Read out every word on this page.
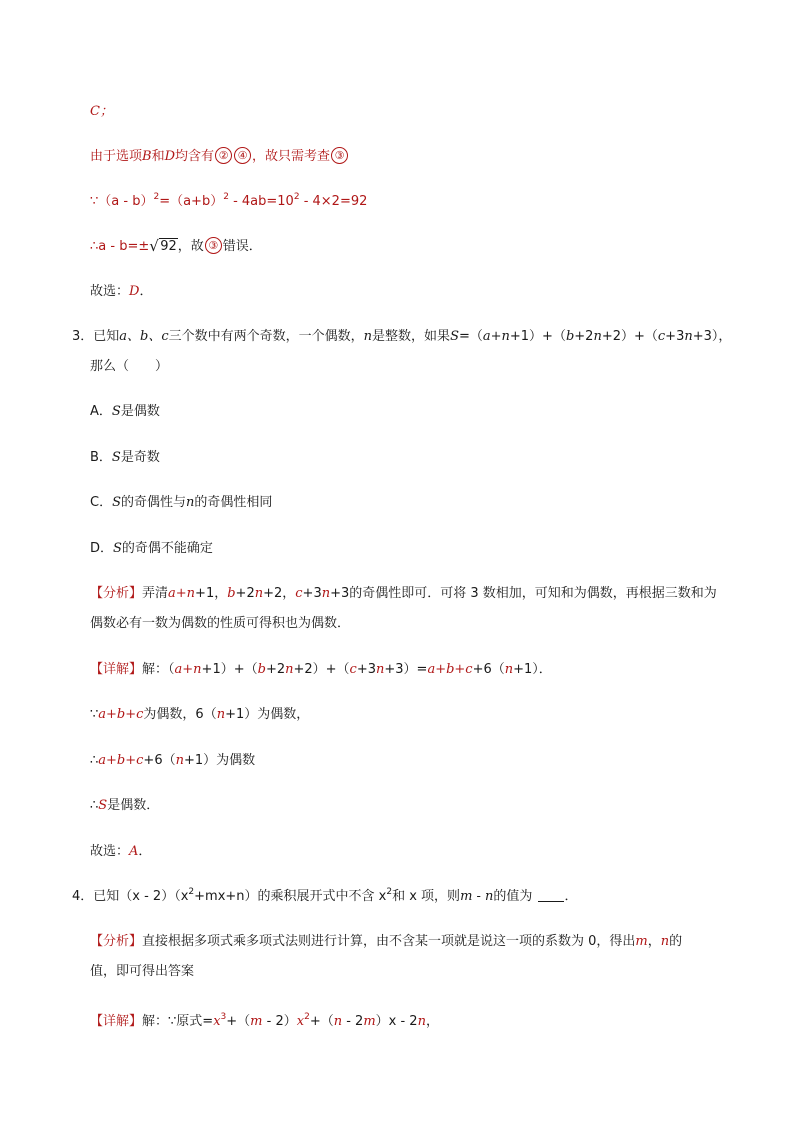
C；
由于选项B和D均含有 ② ④ ，故只需考查 ③
∵（a - $b)^2=(a+b)^2 - 4ab=10^2 - 4\times 2=92$
∴a - b=±√ 92，故 ③ 错误．
故选：D．
3．已知a、b、c三个数中有两个奇数，一个偶数，n是整数，如果S=（a+n+1）+（b+2n+2）+（c+3n+3），
那么（　　）
A．S是偶数
B．S是奇数
C．S的奇偶性与n的奇偶性相同
D．S的奇偶不能确定
【分析】弄清a+n+1，b+2n+2，c+3n+3的奇偶性即可．可将 3 数相加，可知和为偶数，再根据三数和为
偶数必有一数为偶数的性质可得积也为偶数．
【详解】解：（a+n+1）+（b+2n+2）+（c+3n+3）=a+b+c+6（n+1）．
∵a+b+c为偶数，6（n+1）为偶数，
∴a+b+c+6（n+1）为偶数
∴S是偶数．
故选：A．
4．已知$(x - 2)(x^2+mx+n)$的乘积展开式中不含 $x^2$和 x 项，则m - n的值为 ．
【分析】直接根据多项式乘多项式法则进行计算，由不含某一项就是说这一项的系数为 0，得出m，n的
值，即可得出答案
【详解】解：∵原式$=x^3+(m - 2)x^2+(n - 2m)x - 2n$，
